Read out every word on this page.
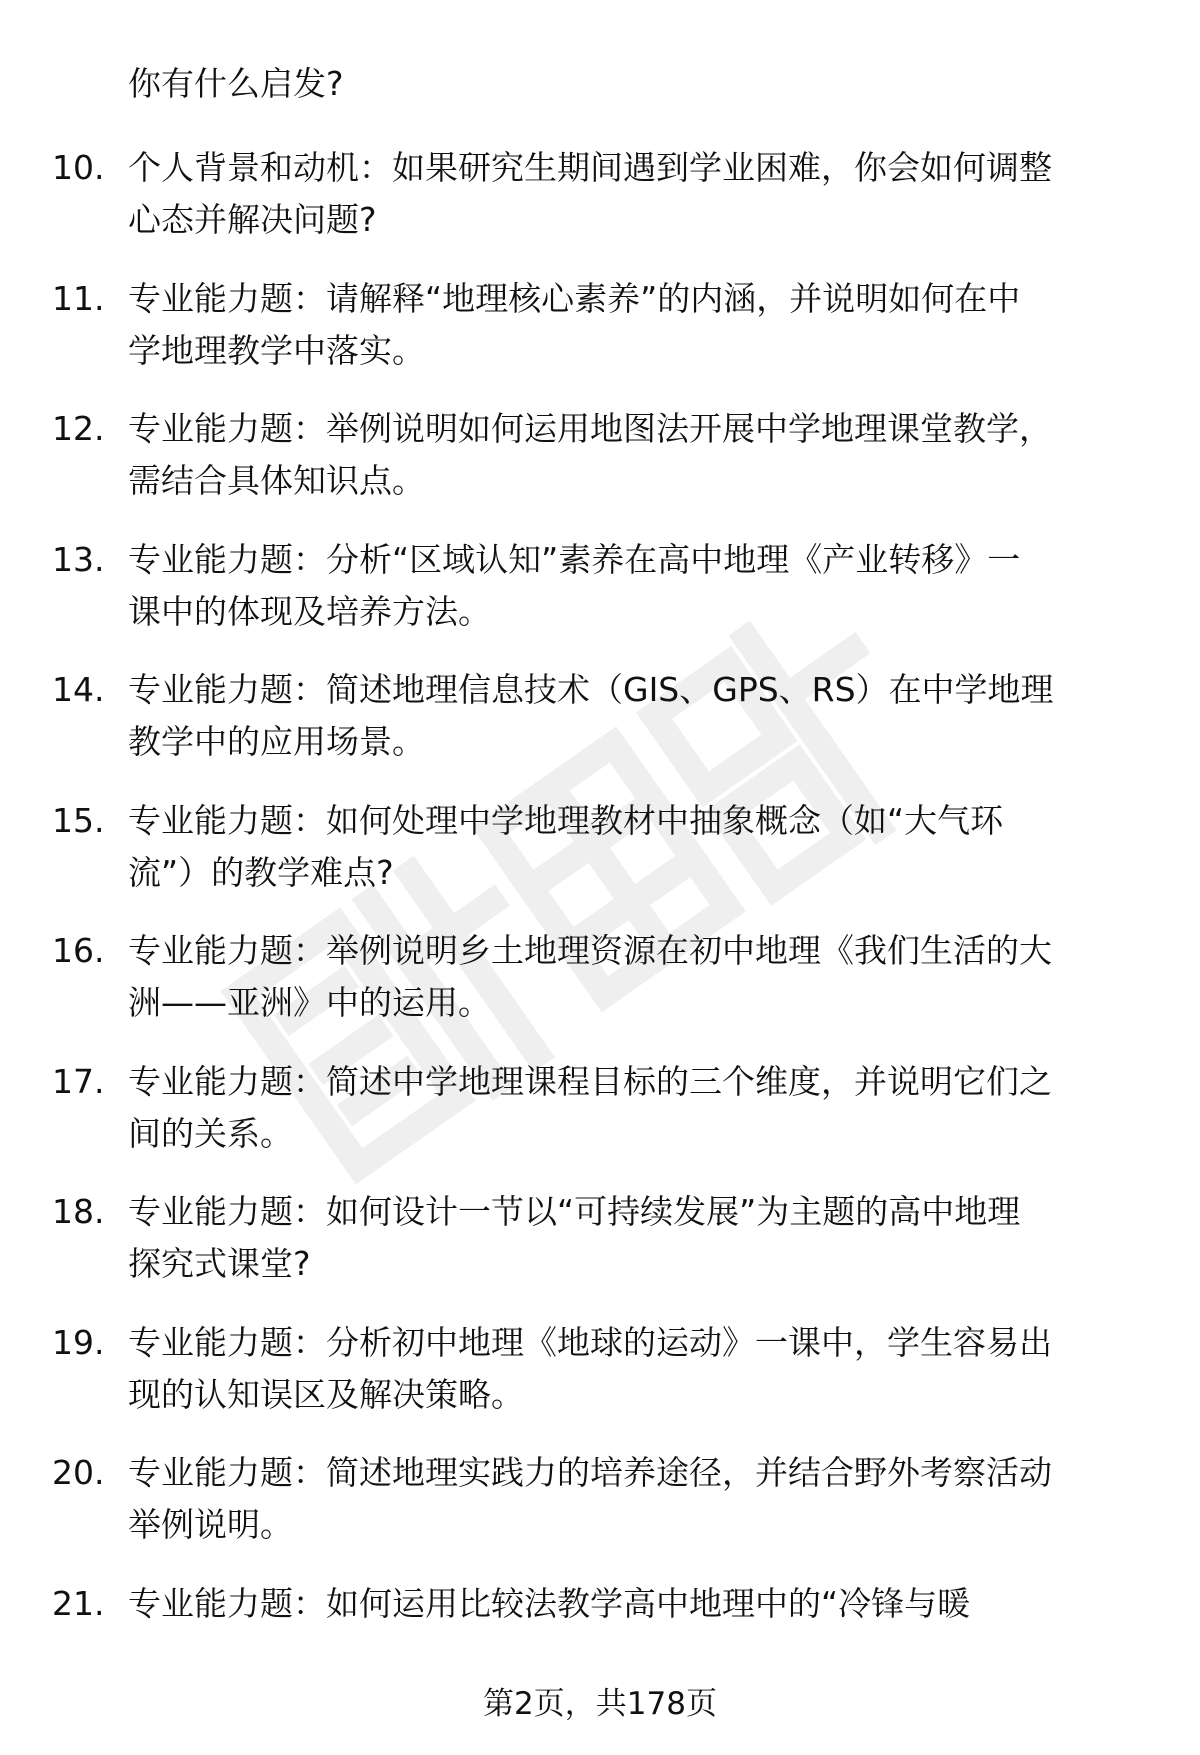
你有什么启发?
10. 个人背景和动机：如果研究生期间遇到学业困难，你会如何调整
心态并解决问题?
11. 专业能力题：请解释“地理核心素养”的内涵，并说明如何在中
学地理教学中落实。
12. 专业能力题：举例说明如何运用地图法开展中学地理课堂教学，
需结合具体知识点。
13. 专业能力题：分析“区域认知”素养在高中地理《产业转移》一
课中的体现及培养方法。
14. 专业能力题：简述地理信息技术（GIS、GPS、RS）在中学地理
教学中的应用场景。
15. 专业能力题：如何处理中学地理教材中抽象概念（如“大气环
流”）的教学难点?
16. 专业能力题：举例说明乡土地理资源在初中地理《我们生活的大
洲——亚洲》中的运用。
17. 专业能力题：简述中学地理课程目标的三个维度，并说明它们之
间的关系。
18. 专业能力题：如何设计一节以“可持续发展”为主题的高中地理
探究式课堂?
19. 专业能力题：分析初中地理《地球的运动》一课中，学生容易出
现的认知误区及解决策略。
20. 专业能力题：简述地理实践力的培养途径，并结合野外考察活动
举例说明。
21. 专业能力题：如何运用比较法教学高中地理中的“冷锋与暖
第2页，共178页
